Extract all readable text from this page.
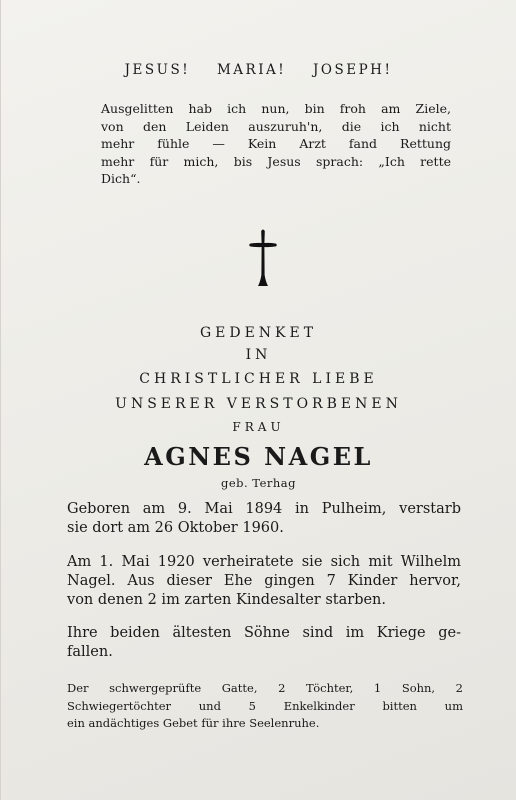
JESUS! MARIA! JOSEPH!
Ausgelitten hab ich nun, bin froh am Ziele,
von den Leiden auszuruh'n, die ich nicht
mehr fühle — Kein Arzt fand Rettung
mehr für mich, bis Jesus sprach: „Ich rette
Dich“.
GEDENKET
IN
CHRISTLICHER LIEBE
UNSERER VERSTORBENEN
FRAU
AGNES NAGEL
geb. Terhag
Geboren am 9. Mai 1894 in Pulheim, verstarb
sie dort am 26 Oktober 1960.
Am 1. Mai 1920 verheiratete sie sich mit Wilhelm
Nagel. Aus dieser Ehe gingen 7 Kinder hervor,
von denen 2 im zarten Kindesalter starben.
Ihre beiden ältesten Söhne sind im Kriege ge-
fallen.
Der schwergeprüfte Gatte, 2 Töchter, 1 Sohn, 2
Schwiegertöchter und 5 Enkelkinder bitten um
ein andächtiges Gebet für ihre Seelenruhe.
